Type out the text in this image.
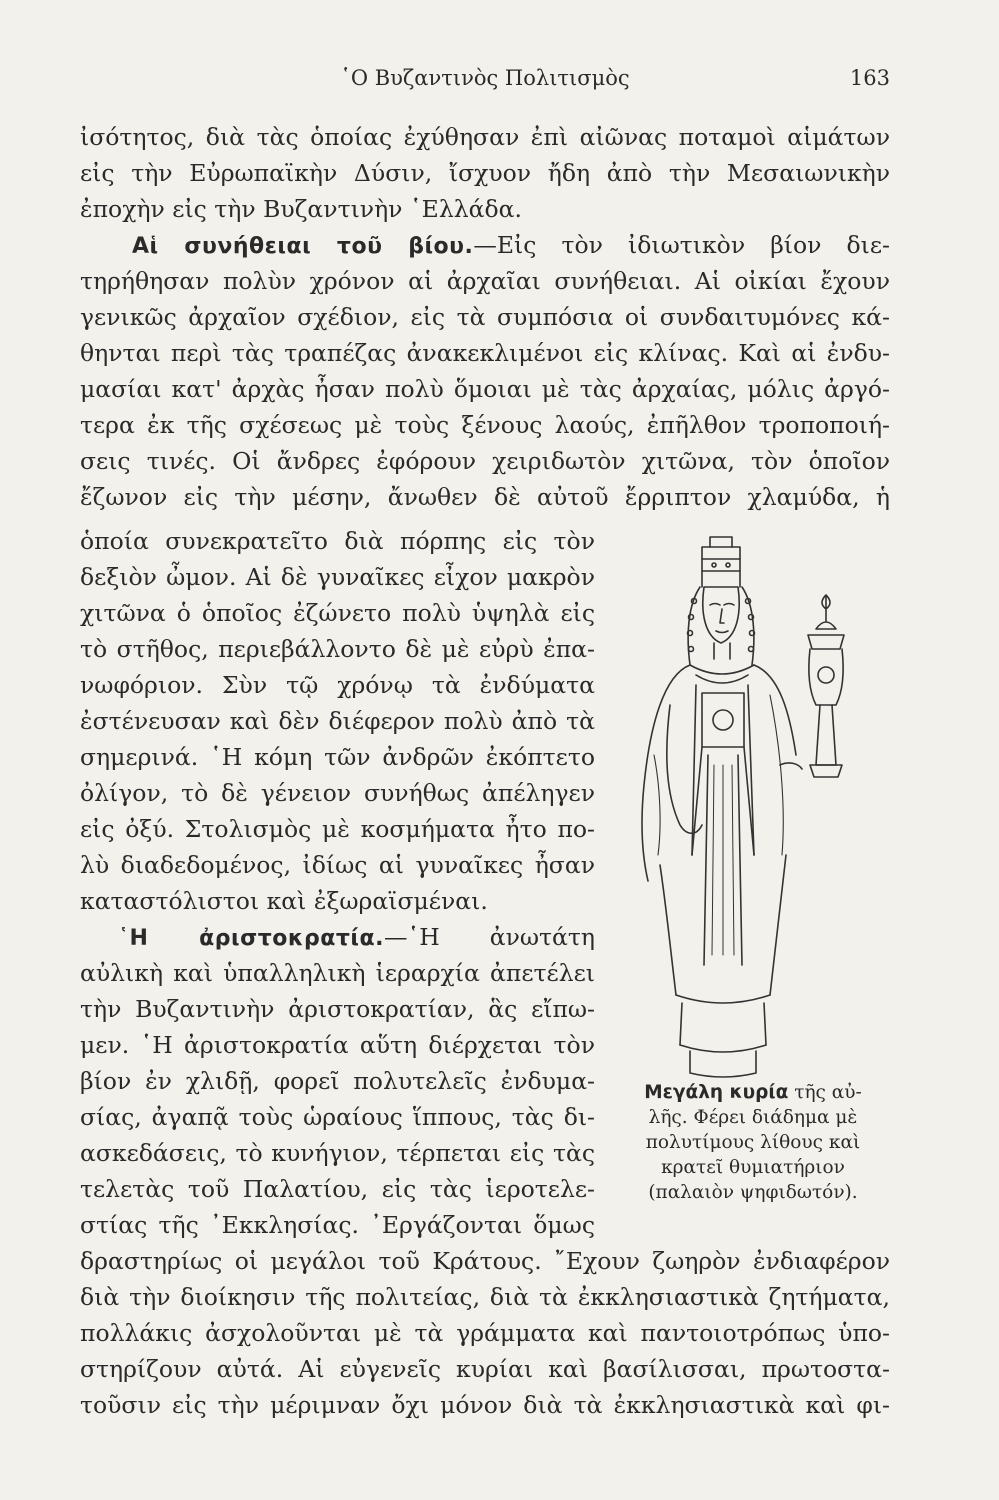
῾Ο Βυζαντινὸς Πολιτισμὸς	163
ἰσότητος, διὰ τὰς ὁποίας ἐχύθησαν ἐπὶ αἰῶνας ποταμοὶ αἱμάτων
εἰς τὴν Εὐρωπαϊκὴν Δύσιν, ἴσχυον ἤδη ἀπὸ τὴν Μεσαιωνικὴν
ἐποχὴν εἰς τὴν Βυζαντινὴν ῾Ελλάδα.
Αἱ συνήθειαι τοῦ βίου.—Εἰς τὸν ἰδιωτικὸν βίον διε-
τηρήθησαν πολὺν χρόνον αἱ ἀρχαῖαι συνήθειαι. Αἱ οἰκίαι ἔχουν
γενικῶς ἀρχαῖον σχέδιον, εἰς τὰ συμπόσια οἱ συνδαιτυμόνες κά-
θηνται περὶ τὰς τραπέζας ἀνακεκλιμένοι εἰς κλίνας. Καὶ αἱ ἐνδυ-
μασίαι κατ' ἀρχὰς ἦσαν πολὺ ὅμοιαι μὲ τὰς ἀρχαίας, μόλις ἀργό-
τερα ἐκ τῆς σχέσεως μὲ τοὺς ξένους λαούς, ἐπῆλθον τροποποιή-
σεις τινές. Οἱ ἄνδρες ἐφόρουν χειριδωτὸν χιτῶνα, τὸν ὁποῖον
ἔζωνον εἰς τὴν μέσην, ἄνωθεν δὲ αὐτοῦ ἔρριπτον χλαμύδα, ἡ
ὁποία συνεκρατεῖτο διὰ πόρπης εἰς τὸν
δεξιὸν ὦμον. Αἱ δὲ γυναῖκες εἶχον μακρὸν
χιτῶνα ὁ ὁποῖος ἐζώνετο πολὺ ὑψηλὰ εἰς
τὸ στῆθος, περιεβάλλοντο δὲ μὲ εὐρὺ ἐπα-
νωφόριον. Σὺν τῷ χρόνῳ τὰ ἐνδύματα
ἐστένευσαν καὶ δὲν διέφερον πολὺ ἀπὸ τὰ
σημερινά. ῾Η κόμη τῶν ἀνδρῶν ἐκόπτετο
ὀλίγον, τὸ δὲ γένειον συνήθως ἀπέληγεν
εἰς ὀξύ. Στολισμὸς μὲ κοσμήματα ἦτο πο-
λὺ διαδεδομένος, ἰδίως αἱ γυναῖκες ἦσαν
καταστόλιστοι καὶ ἐξωραϊσμέναι.
῾Η ἀριστοκρατία.—῾Η ἀνωτάτη
αὐλικὴ καὶ ὑπαλληλικὴ ἱεραρχία ἀπετέλει
τὴν Βυζαντινὴν ἀριστοκρατίαν, ἃς εἴπω-
μεν. ῾Η ἀριστοκρατία αὕτη διέρχεται τὸν
βίον ἐν χλιδῇ, φορεῖ πολυτελεῖς ἐνδυμα-
σίας, ἀγαπᾷ τοὺς ὡραίους ἵππους, τὰς δι-
ασκεδάσεις, τὸ κυνήγιον, τέρπεται εἰς τὰς
τελετὰς τοῦ Παλατίου, εἰς τὰς ἱεροτελε-
στίας τῆς ᾿Εκκλησίας. ᾿Εργάζονται ὅμως
δραστηρίως οἱ μεγάλοι τοῦ Κράτους. ῎Εχουν ζωηρὸν ἐνδιαφέρον
διὰ τὴν διοίκησιν τῆς πολιτείας, διὰ τὰ ἐκκλησιαστικὰ ζητήματα,
πολλάκις ἀσχολοῦνται μὲ τὰ γράμματα καὶ παντοιοτρόπως ὑπο-
στηρίζουν αὐτά. Αἱ εὐγενεῖς κυρίαι καὶ βασίλισσαι, πρωτοστα-
τοῦσιν εἰς τὴν μέριμναν ὄχι μόνον διὰ τὰ ἐκκλησιαστικὰ καὶ φι-
Μεγάλη κυρία τῆς αὐ-
λῆς. Φέρει διάδημα μὲ
πολυτίμους λίθους καὶ
κρατεῖ θυμιατήριον
(παλαιὸν ψηφιδωτόν).
